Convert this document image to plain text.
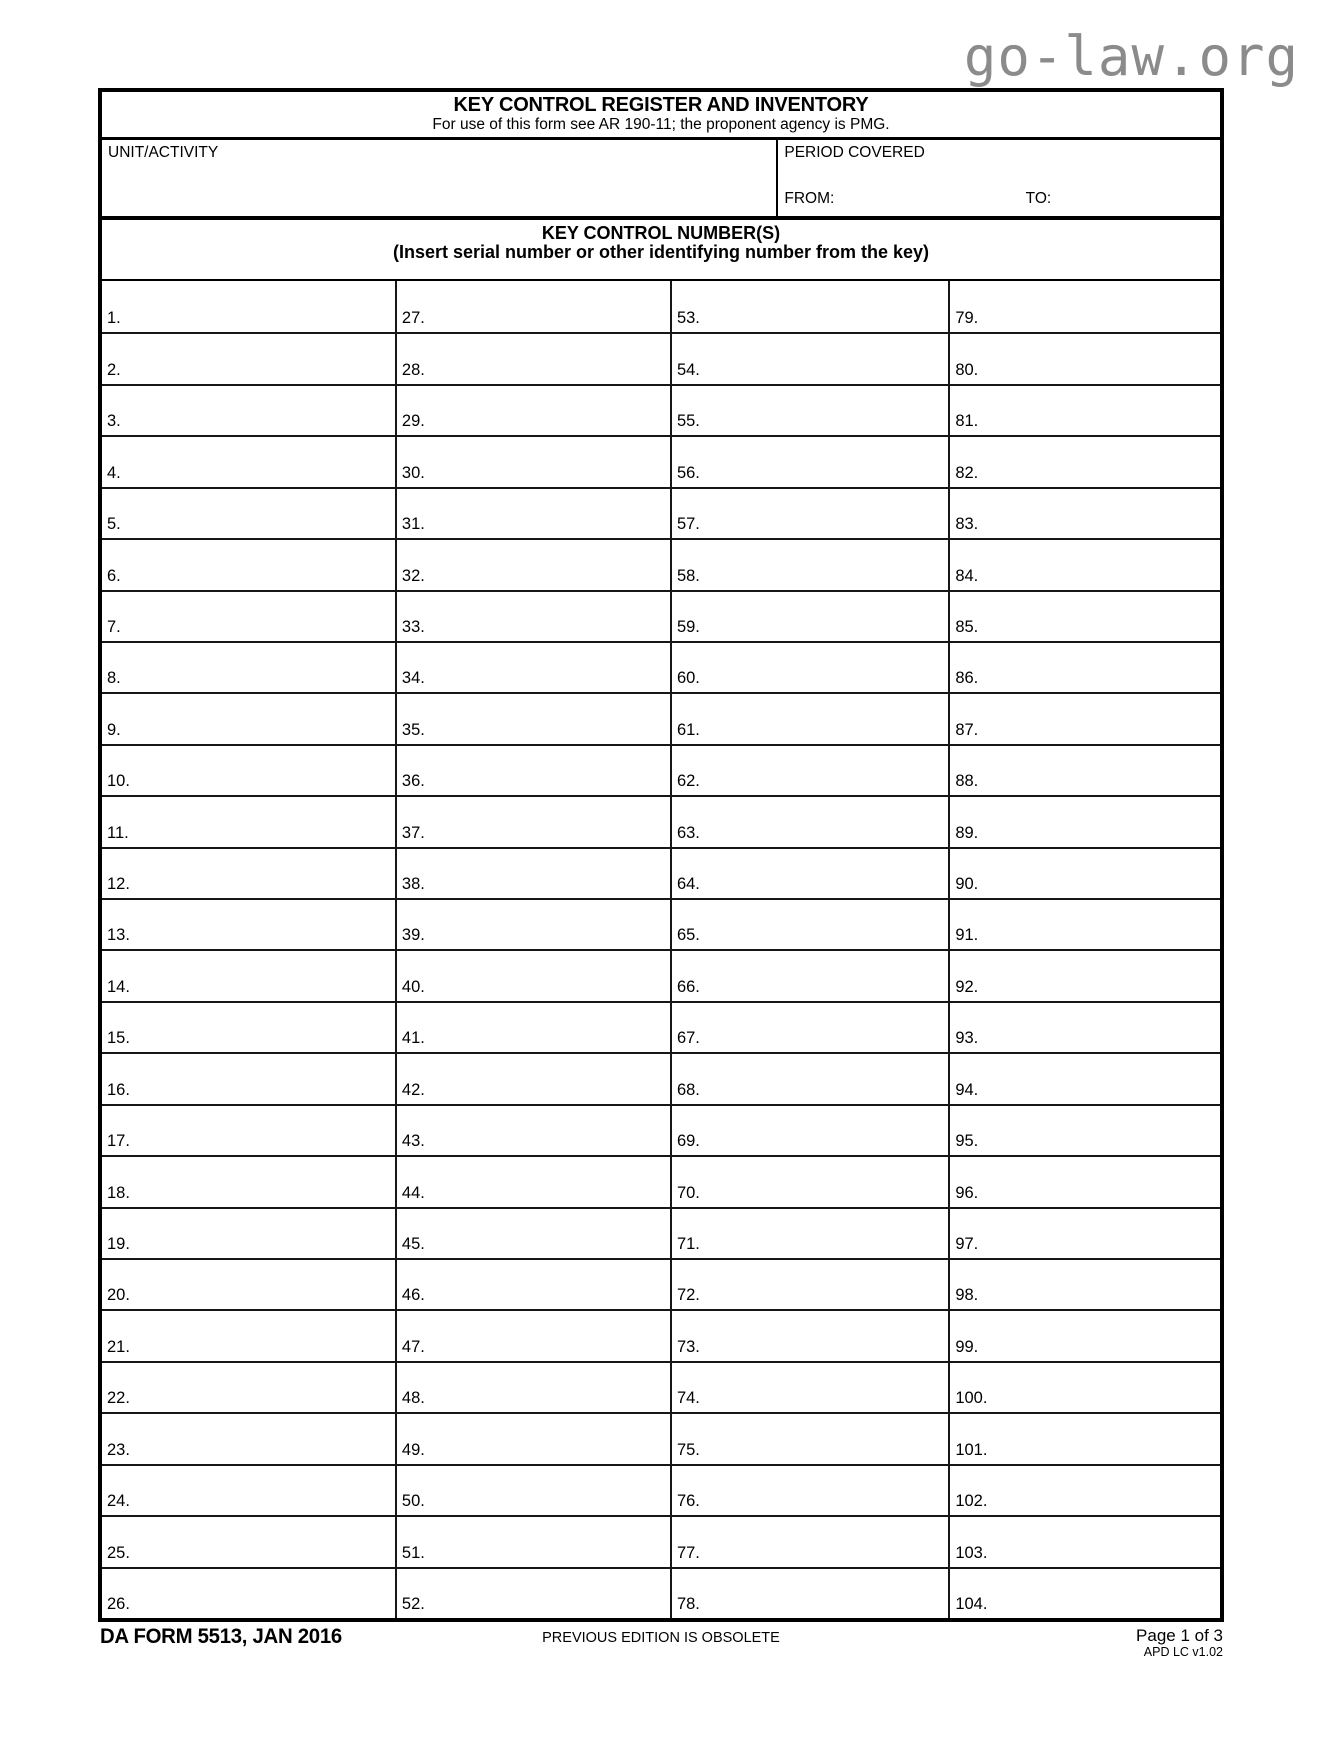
go-law.org
KEY CONTROL REGISTER AND INVENTORY
For use of this form see AR 190-11; the proponent agency is PMG.
UNIT/ACTIVITY	PERIOD COVERED
FROM:	TO:
KEY CONTROL NUMBER(S)
(Insert serial number or other identifying number from the key)
1.	27.	53.	79.
2.	28.	54.	80.
3.	29.	55.	81.
4.	30.	56.	82.
5.	31.	57.	83.
6.	32.	58.	84.
7.	33.	59.	85.
8.	34.	60.	86.
9.	35.	61.	87.
10.	36.	62.	88.
11.	37.	63.	89.
12.	38.	64.	90.
13.	39.	65.	91.
14.	40.	66.	92.
15.	41.	67.	93.
16.	42.	68.	94.
17.	43.	69.	95.
18.	44.	70.	96.
19.	45.	71.	97.
20.	46.	72.	98.
21.	47.	73.	99.
22.	48.	74.	100.
23.	49.	75.	101.
24.	50.	76.	102.
25.	51.	77.	103.
26.	52.	78.	104.
DA FORM 5513, JAN 2016	PREVIOUS EDITION IS OBSOLETE	Page 1 of 3
APD LC v1.02
